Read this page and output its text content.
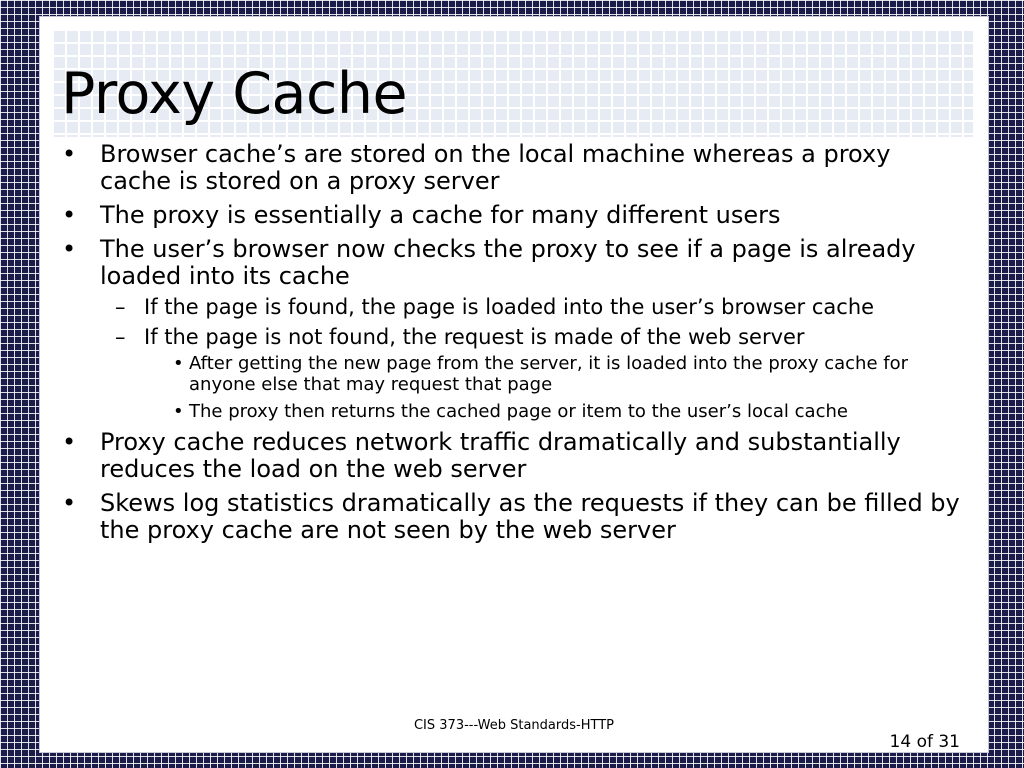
Proxy Cache
• Browser cache’s are stored on the local machine whereas a proxy cache is stored on a proxy server
• The proxy is essentially a cache for many different users
• The user’s browser now checks the proxy to see if a page is already loaded into its cache
– If the page is found, the page is loaded into the user’s browser cache
– If the page is not found, the request is made of the web server
• After getting the new page from the server, it is loaded into the proxy cache for anyone else that may request that page
• The proxy then returns the cached page or item to the user’s local cache
• Proxy cache reduces network traffic dramatically and substantially reduces the load on the web server
• Skews log statistics dramatically as the requests if they can be filled by the proxy cache are not seen by the web server
CIS 373---Web Standards-HTTP
14 of 31
